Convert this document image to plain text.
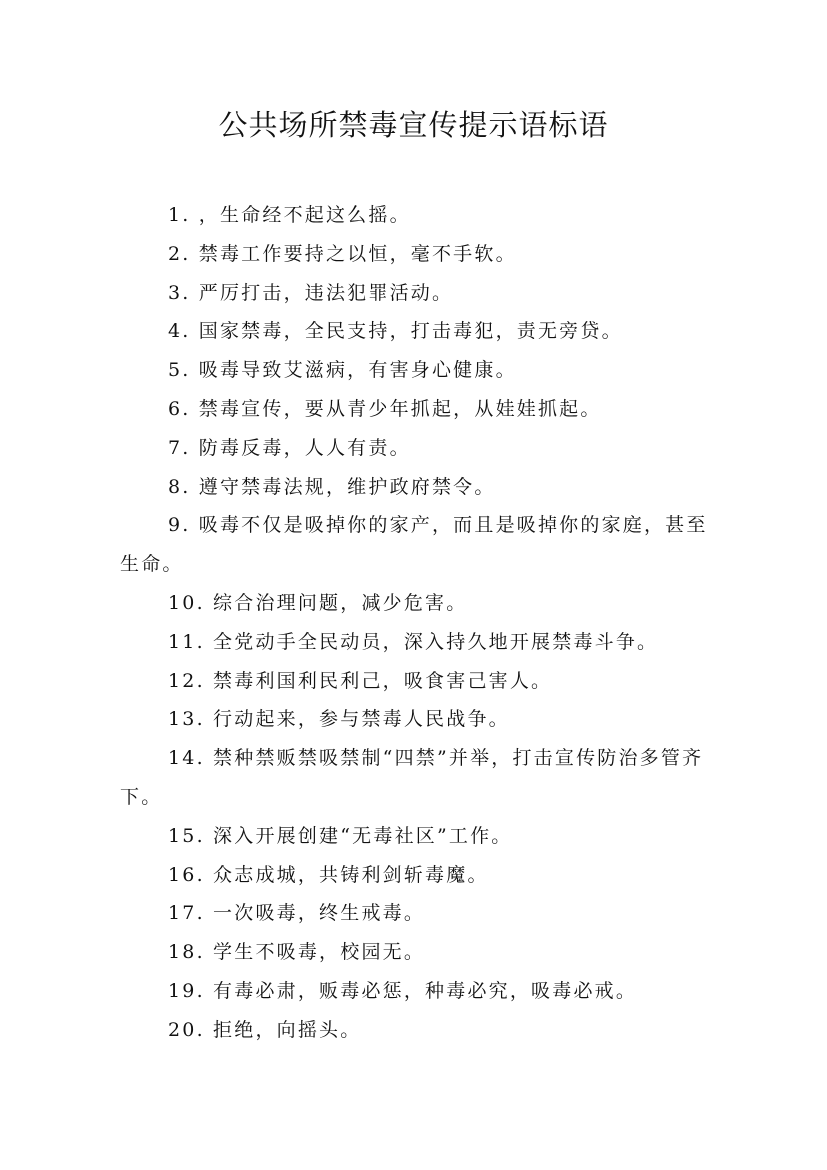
公共场所禁毒宣传提示语标语

1. ，生命经不起这么摇。

2. 禁毒工作要持之以恒，毫不手软。

3. 严厉打击，违法犯罪活动。

4. 国家禁毒，全民支持，打击毒犯，责无旁贷。

5. 吸毒导致艾滋病，有害身心健康。

6. 禁毒宣传，要从青少年抓起，从娃娃抓起。

7. 防毒反毒，人人有责。

8. 遵守禁毒法规，维护政府禁令。

9. 吸毒不仅是吸掉你的家产，而且是吸掉你的家庭，甚至生命。

10. 综合治理问题，减少危害。

11. 全党动手全民动员，深入持久地开展禁毒斗争。

12. 禁毒利国利民利己，吸食害己害人。

13. 行动起来，参与禁毒人民战争。

14. 禁种禁贩禁吸禁制“四禁”并举，打击宣传防治多管齐下。

15. 深入开展创建“无毒社区”工作。

16. 众志成城，共铸利剑斩毒魔。

17. 一次吸毒，终生戒毒。

18. 学生不吸毒，校园无。

19. 有毒必肃，贩毒必惩，种毒必究，吸毒必戒。

20. 拒绝，向摇头。
